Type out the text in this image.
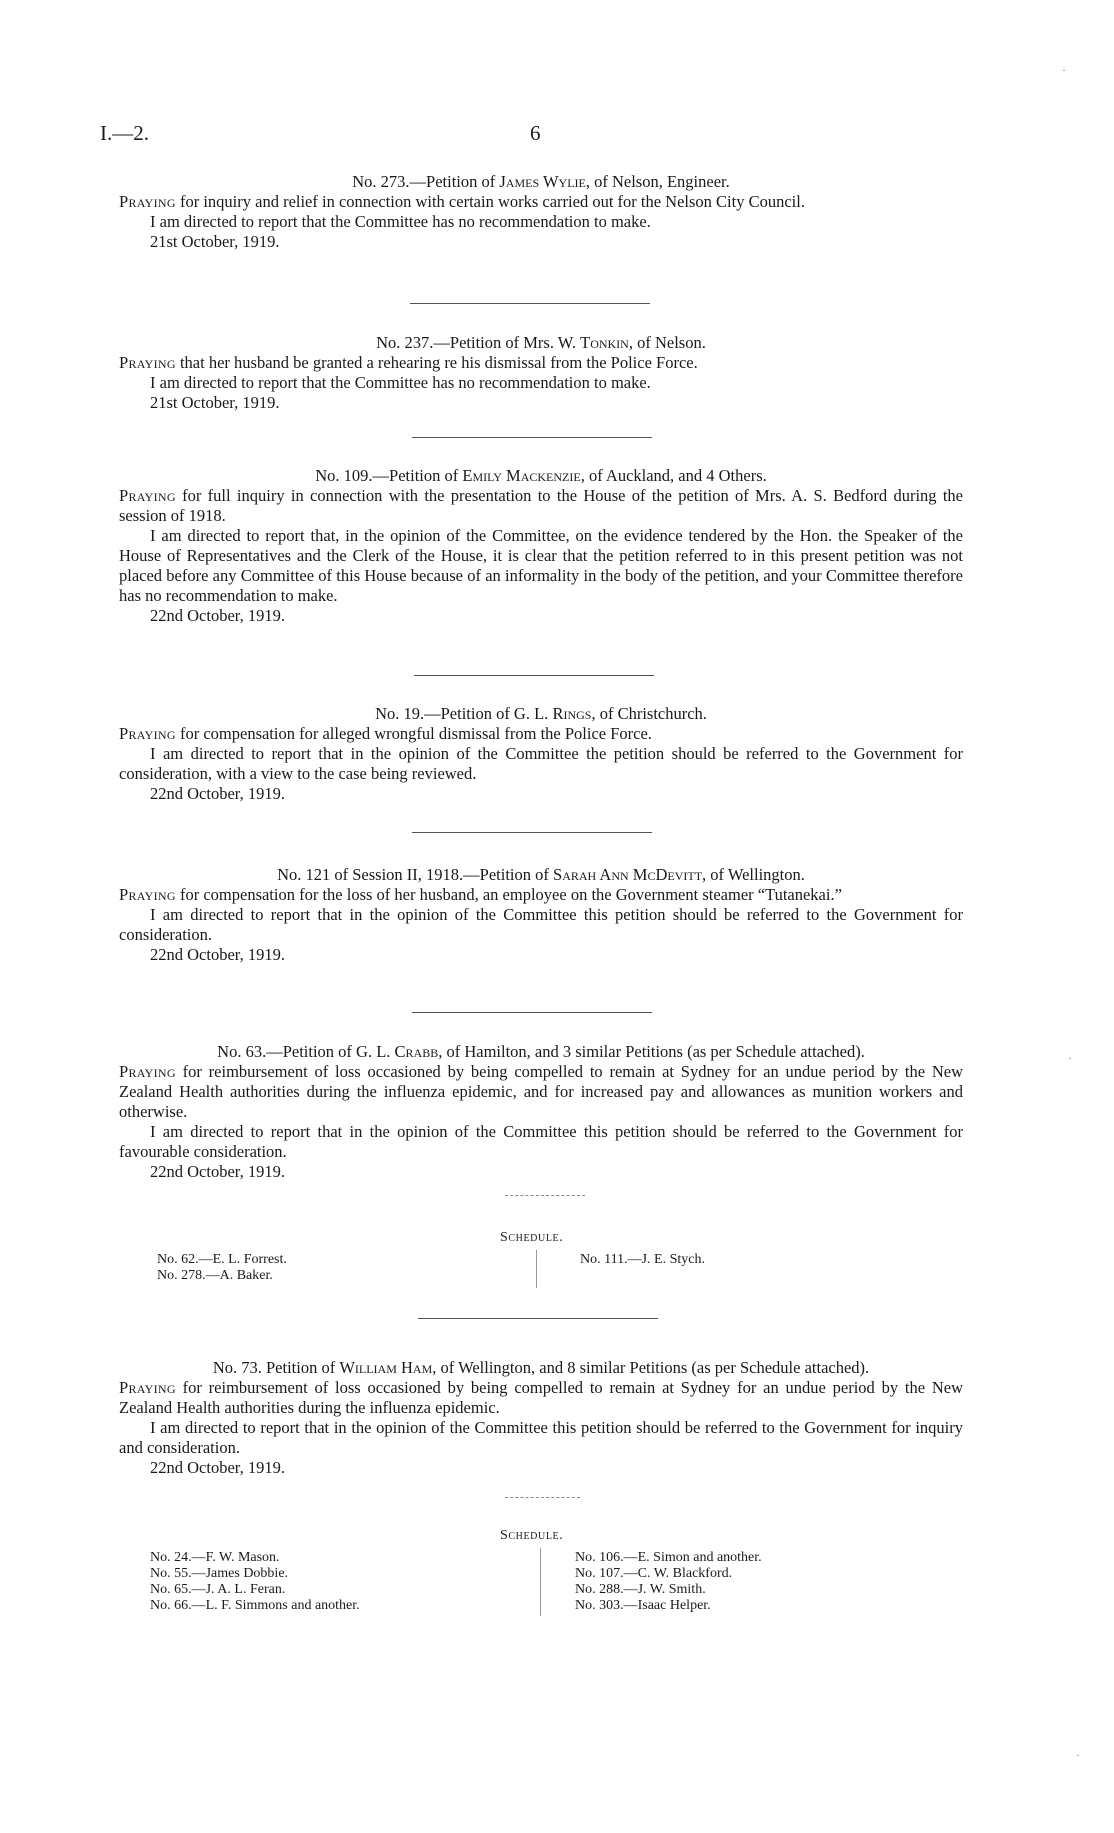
I.—2.	6
No. 273.—Petition of James Wylie, of Nelson, Engineer.
Praying for inquiry and relief in connection with certain works carried out for the Nelson City Council.
I am directed to report that the Committee has no recommendation to make.
21st October, 1919.
No. 237.—Petition of Mrs. W. Tonkin, of Nelson.
Praying that her husband be granted a rehearing re his dismissal from the Police Force.
I am directed to report that the Committee has no recommendation to make.
21st October, 1919.
No. 109.—Petition of Emily Mackenzie, of Auckland, and 4 Others.
Praying for full inquiry in connection with the presentation to the House of the petition of Mrs. A. S. Bedford during the session of 1918.
I am directed to report that, in the opinion of the Committee, on the evidence tendered by the Hon. the Speaker of the House of Representatives and the Clerk of the House, it is clear that the petition referred to in this present petition was not placed before any Committee of this House because of an informality in the body of the petition, and your Committee therefore has no recommendation to make.
22nd October, 1919.
No. 19.—Petition of G. L. Rings, of Christchurch.
Praying for compensation for alleged wrongful dismissal from the Police Force.
I am directed to report that in the opinion of the Committee the petition should be referred to the Government for consideration, with a view to the case being reviewed.
22nd October, 1919.
No. 121 of Session II, 1918.—Petition of Sarah Ann McDevitt, of Wellington.
Praying for compensation for the loss of her husband, an employee on the Government steamer “Tutanekai.”
I am directed to report that in the opinion of the Committee this petition should be referred to the Government for consideration.
22nd October, 1919.
No. 63.—Petition of G. L. Crabb, of Hamilton, and 3 similar Petitions (as per Schedule attached).
Praying for reimbursement of loss occasioned by being compelled to remain at Sydney for an undue period by the New Zealand Health authorities during the influenza epidemic, and for increased pay and allowances as munition workers and otherwise.
I am directed to report that in the opinion of the Committee this petition should be referred to the Government for favourable consideration.
22nd October, 1919.
Schedule.
No. 62.—E. L. Forrest.
No. 278.—A. Baker.
No. 111.—J. E. Stych.
No. 73. Petition of William Ham, of Wellington, and 8 similar Petitions (as per Schedule attached).
Praying for reimbursement of loss occasioned by being compelled to remain at Sydney for an undue period by the New Zealand Health authorities during the influenza epidemic.
I am directed to report that in the opinion of the Committee this petition should be referred to the Government for inquiry and consideration.
22nd October, 1919.
Schedule.
No. 24.—F. W. Mason.
No. 55.—James Dobbie.
No. 65.—J. A. L. Feran.
No. 66.—L. F. Simmons and another.
No. 106.—E. Simon and another.
No. 107.—C. W. Blackford.
No. 288.—J. W. Smith.
No. 303.—Isaac Helper.
·
·
·
